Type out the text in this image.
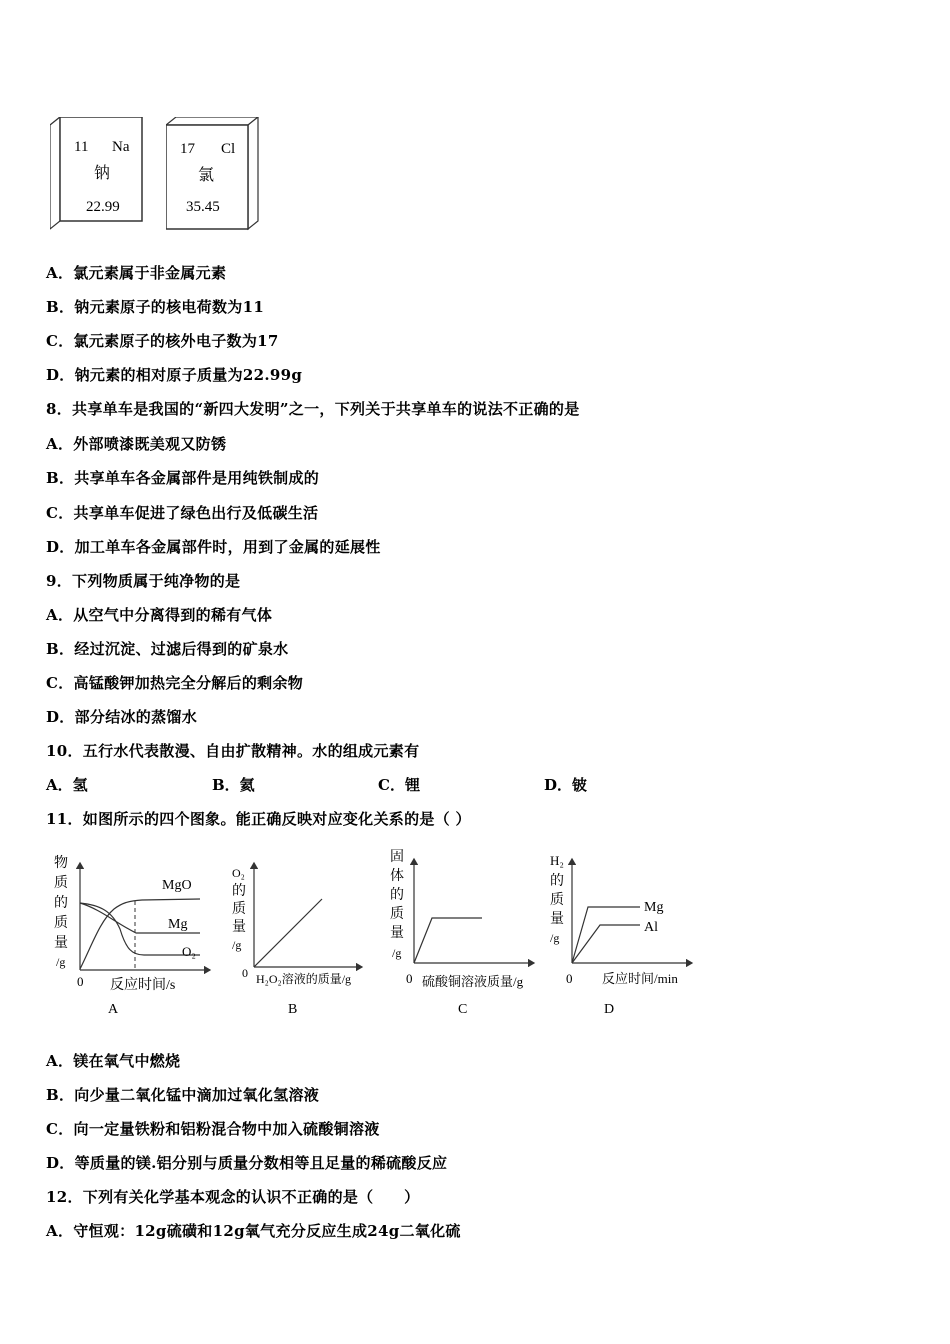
11 Na
钠
22.99
17 Cl
氯
35.45
A．氯元素属于非金属元素
B．钠元素原子的核电荷数为11
C．氯元素原子的核外电子数为17
D．钠元素的相对原子质量为22.99g
8．共享单车是我国的“新四大发明”之一，下列关于共享单车的说法不正确的是
A．外部喷漆既美观又防锈
B．共享单车各金属部件是用纯铁制成的
C．共享单车促进了绿色出行及低碳生活
D．加工单车各金属部件时，用到了金属的延展性
9．下列物质属于纯净物的是
A．从空气中分离得到的稀有气体
B．经过沉淀、过滤后得到的矿泉水
C．高锰酸钾加热完全分解后的剩余物
D．部分结冰的蒸馏水
10．五行水代表散漫、自由扩散精神。水的组成元素有
A．氢	B．氦	C．锂	D．铍
11．如图所示的四个图象。能正确反映对应变化关系的是（ ）
物
质
的
质
量
/g
MgO
Mg
O₂
0 反应时间/s
A
O₂
的
质
量
/g
0 H₂O₂溶液的质量/g
B
固
体
的
质
量
/g
0 硫酸铜溶液质量/g
C
H₂
的
质
量
/g
Mg
Al
0 反应时间/min
D
A．镁在氧气中燃烧
B．向少量二氧化锰中滴加过氧化氢溶液
C．向一定量铁粉和铝粉混合物中加入硫酸铜溶液
D．等质量的镁.铝分别与质量分数相等且足量的稀硫酸反应
12．下列有关化学基本观念的认识不正确的是（　　）
A．守恒观：12g硫磺和12g氧气充分反应生成24g二氧化硫
